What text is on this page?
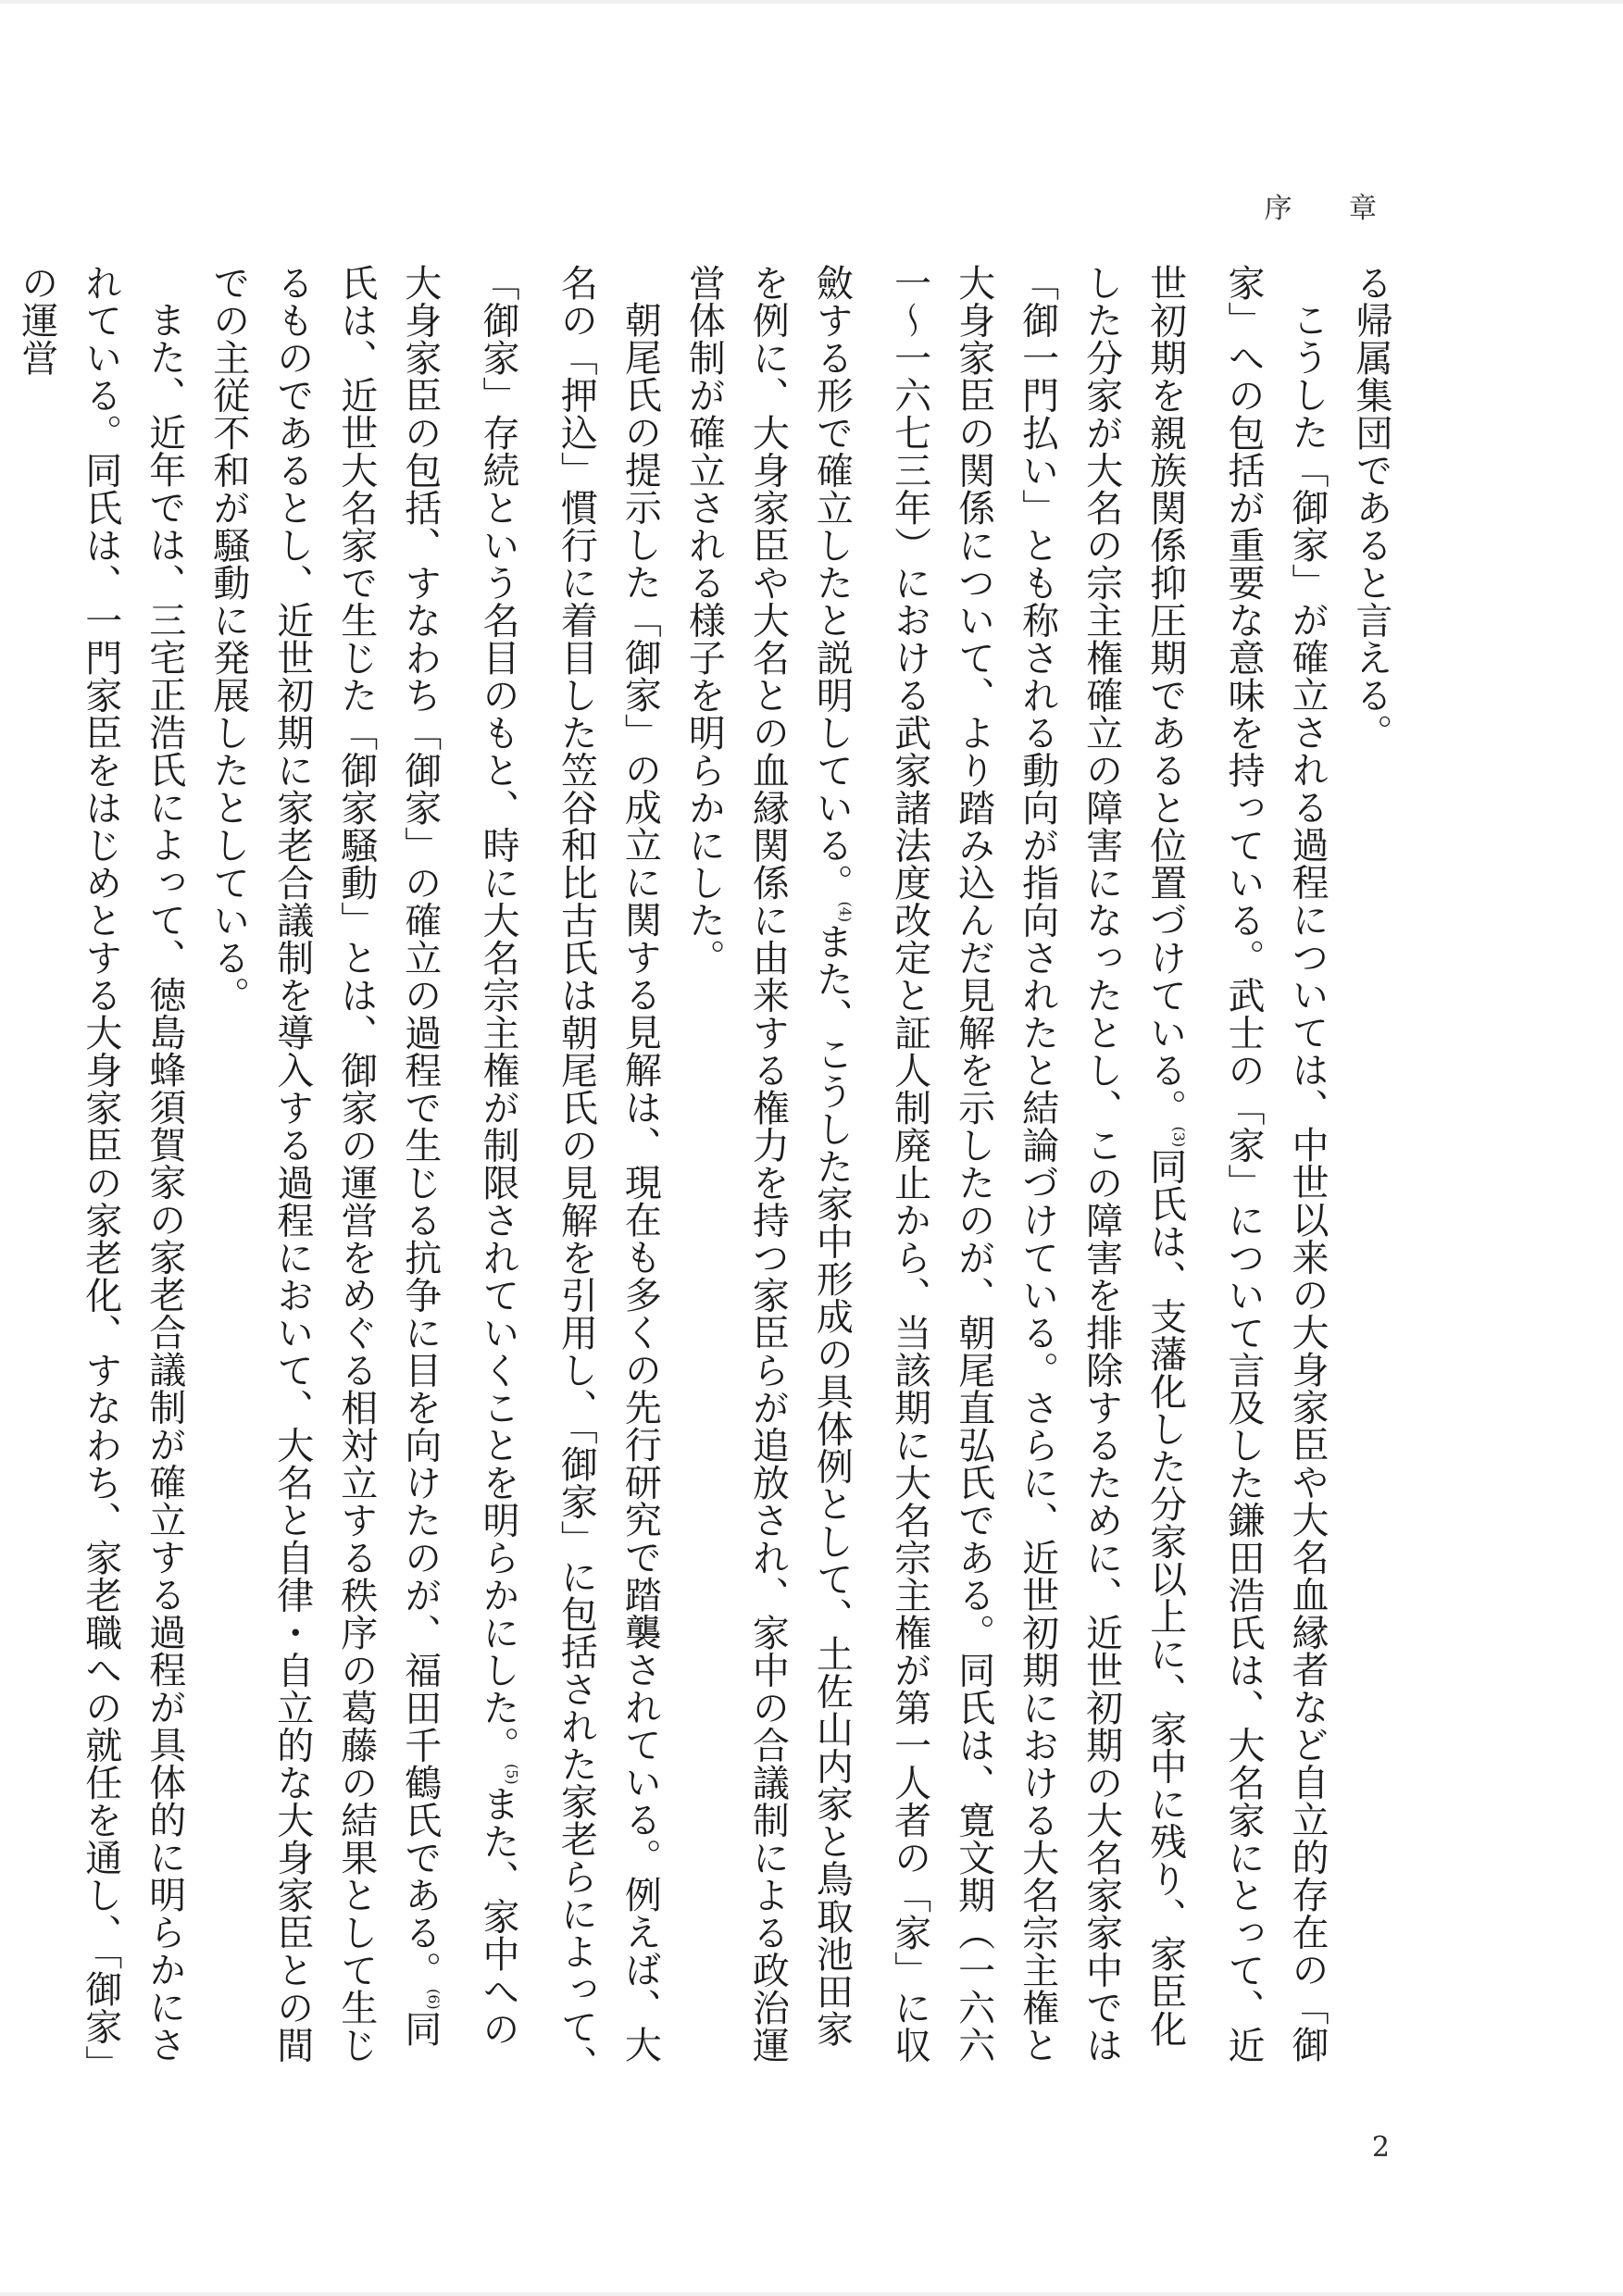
序 章

る帰属集団であると言える。

こうした「御家」が確立される過程については、中世以来の大身家臣や大名血縁者など自立的存在の「御家」への包括が重要な意味を持っている。武士の「家」について言及した鎌田浩氏は、大名家にとって、近世初期を親族関係抑圧期であると位置づけている。$^{(3)}$同氏は、支藩化した分家以上に、家中に残り、家臣化した分家が大名の宗主権確立の障害になったとし、この障害を排除するために、近世初期の大名家家中では「御一門払い」とも称される動向が指向されたと結論づけている。さらに、近世初期における大名宗主権と大身家臣の関係について、より踏み込んだ見解を示したのが、朝尾直弘氏である。同氏は、寛文期（一六六一～一六七三年）における武家諸法度改定と証人制廃止から、当該期に大名宗主権が第一人者の「家」に収斂する形で確立したと説明している。$^{(4)}$また、こうした家中形成の具体例として、土佐山内家と鳥取池田家を例に、大身家臣や大名との血縁関係に由来する権力を持つ家臣らが追放され、家中の合議制による政治運営体制が確立される様子を明らかにした。

朝尾氏の提示した「御家」の成立に関する見解は、現在も多くの先行研究で踏襲されている。例えば、大名の「押込」慣行に着目した笠谷和比古氏は朝尾氏の見解を引用し、「御家」に包括された家老らによって、「御家」存続という名目のもと、時に大名宗主権が制限されていくことを明らかにした。$^{(5)}$また、家中への大身家臣の包括、すなわち「御家」の確立の過程で生じる抗争に目を向けたのが、福田千鶴氏である。$^{(6)}$同氏は、近世大名家で生じた「御家騒動」とは、御家の運営をめぐる相対立する秩序の葛藤の結果として生じるものであるとし、近世初期に家老合議制を導入する過程において、大名と自律・自立的な大身家臣との間での主従不和が騒動に発展したとしている。

また、近年では、三宅正浩氏によって、徳島蜂須賀家の家老合議制が確立する過程が具体的に明らかにされている。同氏は、一門家臣をはじめとする大身家臣の家老化、すなわち、家老職への就任を通し、「御家」の運営

2
